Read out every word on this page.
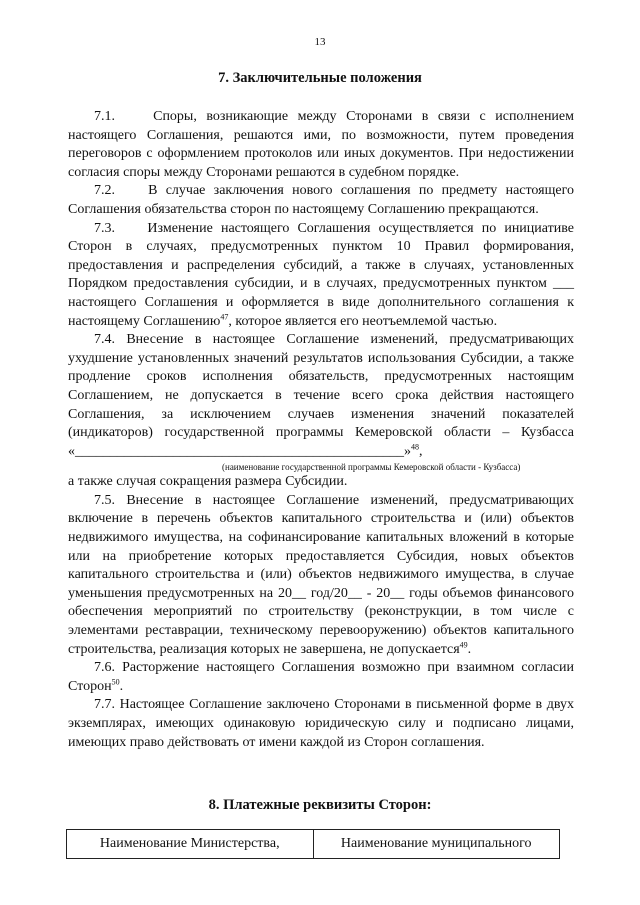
13
7. Заключительные положения

7.1.    Споры, возникающие между Сторонами в связи с исполнением настоящего Соглашения, решаются ими, по возможности, путем проведения переговоров с оформлением протоколов или иных документов. При недостижении согласия споры между Сторонами решаются в судебном порядке.

7.2.    В случае заключения нового соглашения по предмету настоящего Соглашения обязательства сторон по настоящему Соглашению прекращаются.

7.3.    Изменение настоящего Соглашения осуществляется по инициативе Сторон в случаях, предусмотренных пунктом 10 Правил формирования, предоставления и распределения субсидий, а также в случаях, установленных Порядком предоставления субсидии, и в случаях, предусмотренных пунктом ___ настоящего Соглашения и оформляется в виде дополнительного соглашения к настоящему Соглашению$^{47}$, которое является его неотъемлемой частью.

7.4. Внесение в настоящее Соглашение изменений, предусматривающих ухудшение установленных значений результатов использования Субсидии, а также продление сроков исполнения обязательств, предусмотренных настоящим Соглашением, не допускается в течение всего срока действия настоящего Соглашения, за исключением случаев изменения значений показателей (индикаторов) государственной программы Кемеровской области – Кузбасса «_______________________________________________»$^{48}$,

(наименование государственной программы Кемеровской области - Кузбасса)

а также случая сокращения размера Субсидии.

7.5. Внесение в настоящее Соглашение изменений, предусматривающих включение в перечень объектов капитального строительства и (или) объектов недвижимого имущества, на софинансирование капитальных вложений в которые или на приобретение которых предоставляется Субсидия, новых объектов капитального строительства и (или) объектов недвижимого имущества, в случае уменьшения предусмотренных на 20__ год/20__ - 20__ годы объемов финансового обеспечения мероприятий по строительству (реконструкции, в том числе с элементами реставрации, техническому перевооружению) объектов капитального строительства, реализация которых не завершена, не допускается$^{49}$.

7.6. Расторжение настоящего Соглашения возможно при взаимном согласии Сторон$^{50}$.

7.7. Настоящее Соглашение заключено Сторонами в письменной форме в двух экземплярах, имеющих одинаковую юридическую силу и подписано лицами, имеющих право действовать от имени каждой из Сторон соглашения.

8. Платежные реквизиты Сторон:
Наименование Министерства,	Наименование муниципального
